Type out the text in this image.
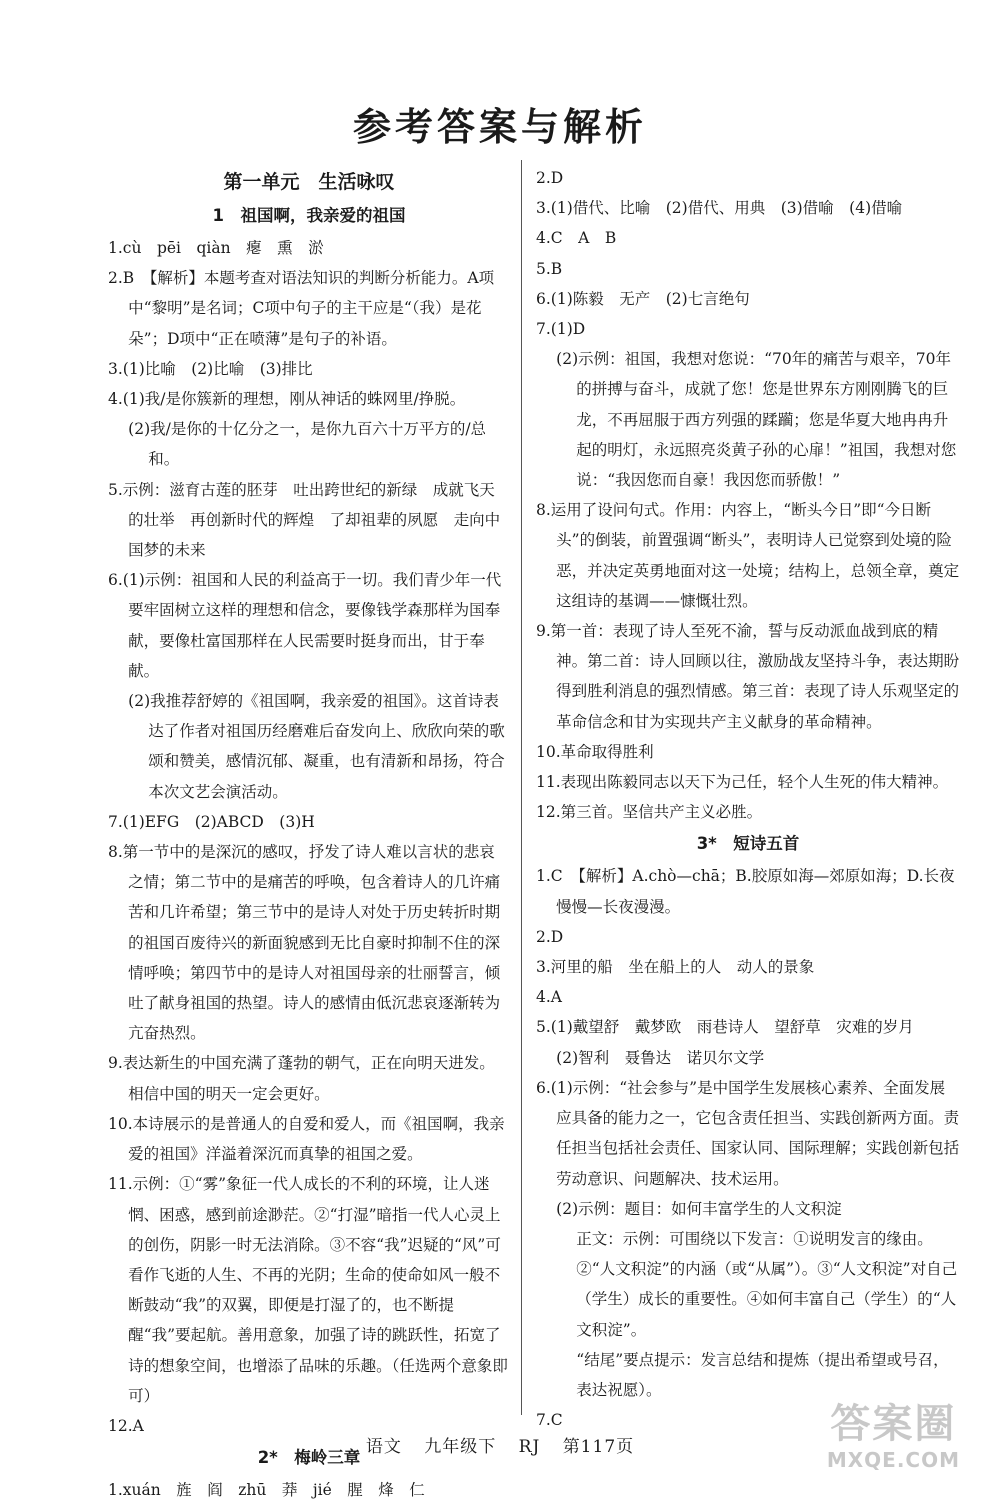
参考答案与解析

第一单元　生活咏叹

1　祖国啊，我亲爱的祖国

1.cù　pēi　qiàn　瘪　熏　淤

2.B　【解析】本题考查对语法知识的判断分析能力。A项中“黎明”是名词；C项中句子的主干应是“（我）是花朵”；D项中“正在喷薄”是句子的补语。

3.(1)比喻　(2)比喻　(3)排比

4.(1)我/是你簇新的理想，刚从神话的蛛网里/挣脱。

(2)我/是你的十亿分之一，是你九百六十万平方的/总和。

5.示例：滋育古莲的胚芽　吐出跨世纪的新绿　成就飞天的壮举　再创新时代的辉煌　了却祖辈的夙愿　走向中国梦的未来

6.(1)示例：祖国和人民的利益高于一切。我们青少年一代要牢固树立这样的理想和信念，要像钱学森那样为国奉献，要像杜富国那样在人民需要时挺身而出，甘于奉献。

(2)我推荐舒婷的《祖国啊，我亲爱的祖国》。这首诗表达了作者对祖国历经磨难后奋发向上、欣欣向荣的歌颂和赞美，感情沉郁、凝重，也有清新和昂扬，符合本次文艺会演活动。

7.(1)EFG　(2)ABCD　(3)H

8.第一节中的是深沉的感叹，抒发了诗人难以言状的悲哀之情；第二节中的是痛苦的呼唤，包含着诗人的几许痛苦和几许希望；第三节中的是诗人对处于历史转折时期的祖国百废待兴的新面貌感到无比自豪时抑制不住的深情呼唤；第四节中的是诗人对祖国母亲的壮丽誓言，倾吐了献身祖国的热望。诗人的感情由低沉悲哀逐渐转为亢奋热烈。

9.表达新生的中国充满了蓬勃的朝气，正在向明天进发。相信中国的明天一定会更好。

10.本诗展示的是普通人的自爱和爱人，而《祖国啊，我亲爱的祖国》洋溢着深沉而真挚的祖国之爱。

11.示例：①“雾”象征一代人成长的不利的环境，让人迷惘、困惑，感到前途渺茫。②“打湿”暗指一代人心灵上的创伤，阴影一时无法消除。③不容“我”迟疑的“风”可看作飞逝的人生、不再的光阴；生命的使命如风一般不断鼓动“我”的双翼，即便是打湿了的，也不断提醒“我”要起航。善用意象，加强了诗的跳跃性，拓宽了诗的想象空间，也增添了品味的乐趣。（任选两个意象即可）

12.A

2*　梅岭三章

1.xuán　旌　阎　zhū　莽　jié　腥　烽　仁

2.D

3.(1)借代、比喻　(2)借代、用典　(3)借喻　(4)借喻

4.C　A　B

5.B

6.(1)陈毅　无产　(2)七言绝句

7.(1)D

(2)示例：祖国，我想对您说：“70年的痛苦与艰辛，70年的拼搏与奋斗，成就了您！您是世界东方刚刚腾飞的巨龙，不再屈服于西方列强的蹂躏；您是华夏大地冉冉升起的明灯，永远照亮炎黄子孙的心扉！”祖国，我想对您说：“我因您而自豪！我因您而骄傲！”

8.运用了设问句式。作用：内容上，“断头今日”即“今日断头”的倒装，前置强调“断头”，表明诗人已觉察到处境的险恶，并决定英勇地面对这一处境；结构上，总领全章，奠定这组诗的基调——慷慨壮烈。

9.第一首：表现了诗人至死不渝，誓与反动派血战到底的精神。第二首：诗人回顾以往，激励战友坚持斗争，表达期盼得到胜利消息的强烈情感。第三首：表现了诗人乐观坚定的革命信念和甘为实现共产主义献身的革命精神。

10.革命取得胜利

11.表现出陈毅同志以天下为己任，轻个人生死的伟大精神。

12.第三首。坚信共产主义必胜。

3*　短诗五首

1.C　【解析】A.chò—chā；B.胶原如海—郊原如海；D.长夜慢慢—长夜漫漫。

2.D

3.河里的船　坐在船上的人　动人的景象

4.A

5.(1)戴望舒　戴梦欧　雨巷诗人　望舒草　灾难的岁月

(2)智利　聂鲁达　诺贝尔文学

6.(1)示例：“社会参与”是中国学生发展核心素养、全面发展应具备的能力之一，它包含责任担当、实践创新两方面。责任担当包括社会责任、国家认同、国际理解；实践创新包括劳动意识、问题解决、技术运用。

(2)示例：题目：如何丰富学生的人文积淀

正文：示例：可围绕以下发言：①说明发言的缘由。②“人文积淀”的内涵（或“从属”）。③“人文积淀”对自己（学生）成长的重要性。④如何丰富自己（学生）的“人文积淀”。

“结尾”要点提示：发言总结和提炼（提出希望或号召，表达祝愿）。

7.C

语文 九年级下 RJ 第117页	答案圈
MXQE.COM
